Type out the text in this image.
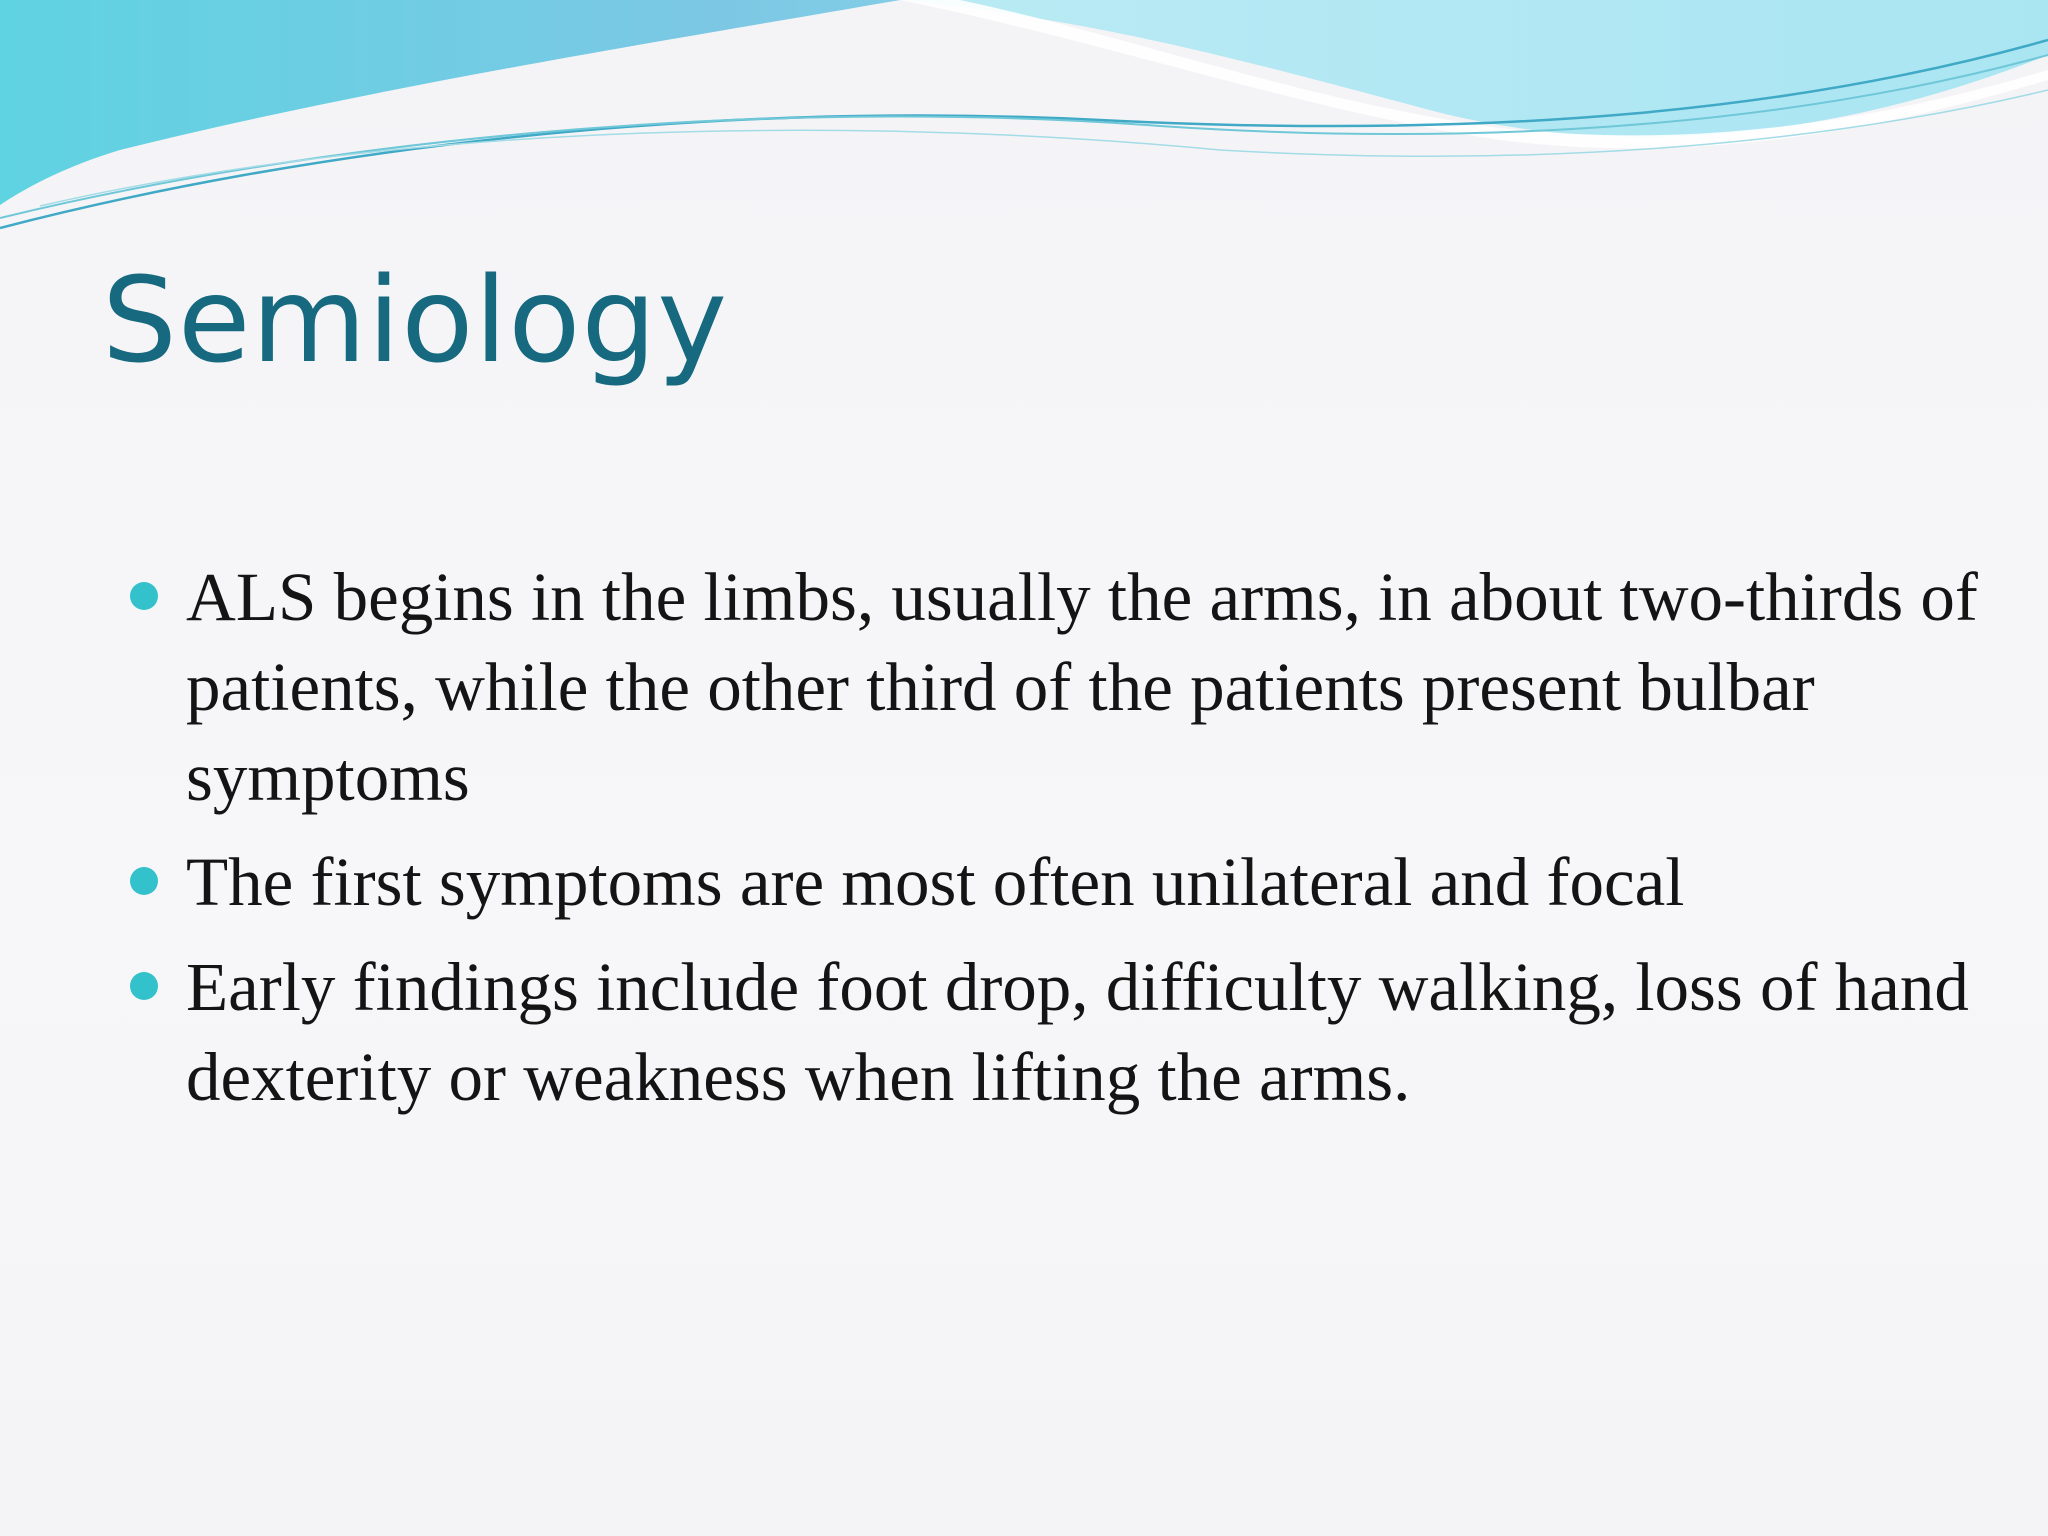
Semiology
ALS begins in the limbs, usually the arms, in about two-thirds of patients, while the other third of the patients present bulbar symptoms
The first symptoms are most often unilateral and focal
Early findings include foot drop, difficulty walking, loss of hand dexterity or weakness when lifting the arms.
